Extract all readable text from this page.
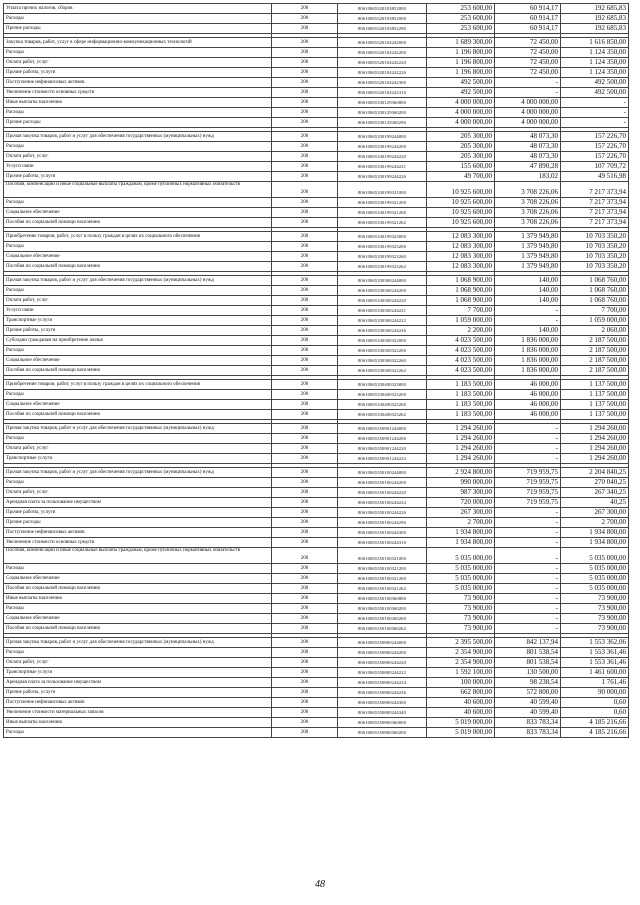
Уплата прочих налогов, сборов	200	80610065320103852000	253 600,00	60 914,17	192 685,83
Расходы	200	80610065320103852000	253 600,00	60 914,17	192 685,83
Прочие расходы	200	80610065320103852290	253 600,00	60 914,17	192 685,83

Закупка товаров, работ, услуг в сфере информационно-коммуникационных технологий	200	80610065320104242000	1 689 300,00	72 450,00	1 616 850,00
Расходы	200	80610065320104242200	1 196 800,00	72 450,00	1 124 350,00
Оплата работ, услуг	200	80610065320104242220	1 196 800,00	72 450,00	1 124 350,00
Прочие работы, услуги	200	80610065320104242226	1 196 800,00	72 450,00	1 124 350,00
Поступление нефинансовых активов	200	80610065320104242300	492 500,00	-	492 500,00
Увеличение стоимости основных средств	200	80610065320104242310	492 500,00	-	492 500,00
Иные выплаты населению	200	80610065330129360000	4 000 000,00	4 000 000,00	-
Расходы	200	80610065330129360200	4 000 000,00	4 000 000,00	-
Прочие расходы	200	80610065330129360290	4 000 000,00	4 000 000,00	-

Прочая закупка товаров, работ и услуг для обеспечения государственных (муниципальных) нужд	200	80610065330199244000	205 300,00	48 073,30	157 226,70
Расходы	200	80610065330199244200	205 300,00	48 073,30	157 226,70
Оплата работ, услуг	200	80610065330199244220	205 300,00	48 073,30	157 226,70
Услуги связи	200	80610065330199244221	155 600,00	47 890,28	107 709,72
Прочие работы, услуги	200	80610065330199244226	49 700,00	183,02	49 516,98
Пособия, компенсации и иные социальные выплаты гражданам, кроме публичных нормативных обязательств	200	80610065330199321000	10 925 600,00	3 708 226,06	7 217 373,94
Расходы	200	80610065330199321200	10 925 600,00	3 708 226,06	7 217 373,94
Социальное обеспечение	200	80610065330199321260	10 925 600,00	3 708 226,06	7 217 373,94
Пособия по социальной помощи населению	200	80610065330199321262	10 925 600,00	3 708 226,06	7 217 373,94

Приобретение товаров, работ, услуг в пользу граждан в целях их социального обеспечения	200	80610065330199323000	12 083 300,00	1 379 949,80	10 703 350,20
Расходы	200	80610065330199323200	12 083 300,00	1 379 949,80	10 703 350,20
Социальное обеспечение	200	80610065330199323260	12 083 300,00	1 379 949,80	10 703 350,20
Пособия по социальной помощи населению	200	80610065330199323262	12 083 300,00	1 379 949,80	10 703 350,20

Прочая закупка товаров, работ и услуг для обеспечения государственных (муниципальных) нужд	200	80610065330300244000	1 068 900,00	140,00	1 068 760,00
Расходы	200	80610065330300244200	1 068 900,00	140,00	1 068 760,00
Оплата работ, услуг	200	80610065330300244220	1 068 900,00	140,00	1 068 760,00
Услуги связи	200	80610065330300244221	7 700,00	-	7 700,00
Транспортные услуги	200	80610065330300244222	1 059 000,00	-	1 059 000,00
Прочие работы, услуги	200	80610065330300244226	2 200,00	140,00	2 060,00
Субсидии гражданам на приобретение жилья	200	80610065330300322000	4 023 500,00	1 836 000,00	2 187 500,00
Расходы	200	80610065330300322200	4 023 500,00	1 836 000,00	2 187 500,00
Социальное обеспечение	200	80610065330300322260	4 023 500,00	1 836 000,00	2 187 500,00
Пособия по социальной помощи населению	200	80610065330300322262	4 023 500,00	1 836 000,00	2 187 500,00

Приобретение товаров, работ, услуг в пользу граждан в целях их социального обеспечения	200	80610065330400323000	1 183 500,00	46 000,00	1 137 500,00
Расходы	200	80610065330400323200	1 183 500,00	46 000,00	1 137 500,00
Социальное обеспечение	200	80610065330400323260	1 183 500,00	46 000,00	1 137 500,00
Пособия по социальной помощи населению	200	80610065330400323262	1 183 500,00	46 000,00	1 137 500,00

Прочая закупка товаров, работ и услуг для обеспечения государственных (муниципальных) нужд	200	80610065350901244000	1 294 260,00	-	1 294 260,00
Расходы	200	80610065350901244200	1 294 260,00	-	1 294 260,00
Оплата работ, услуг	200	80610065350901244220	1 294 260,00	-	1 294 260,00
Транспортные услуги	200	80610065350901244222	1 294 260,00	-	1 294 260,00

Прочая закупка товаров, работ и услуг для обеспечения государственных (муниципальных) нужд	200	80610065350100244000	2 924 800,00	719 959,75	2 204 840,25
Расходы	200	80610065350100244200	990 000,00	719 959,75	270 040,25
Оплата работ, услуг	200	80610065350100244220	987 300,00	719 959,75	267 340,25
Арендная плата за пользование имуществом	200	80610065350100244224	720 000,00	719 959,75	40,25
Прочие работы, услуги	200	80610065350100244226	267 300,00	-	267 300,00
Прочие расходы	200	80610065350100244290	2 700,00	-	2 700,00
Поступление нефинансовых активов	200	80610065350100244300	1 934 800,00	-	1 934 800,00
Увеличение стоимости основных средств	200	80610065350100244310	1 934 800,00	-	1 934 800,00
Пособия, компенсации и иные социальные выплаты гражданам, кроме публичных нормативных обязательств	200	80610065350100321000	5 035 000,00	-	5 035 000,00
Расходы	200	80610065350100321200	5 035 000,00	-	5 035 000,00
Социальное обеспечение	200	80610065350100321260	5 035 000,00	-	5 035 000,00
Пособия по социальной помощи населению	200	80610065350100321262	5 035 000,00	-	5 035 000,00
Иные выплаты населению	200	80610065350100360000	73 900,00	-	73 900,00
Расходы	200	80610065350100360200	73 900,00	-	73 900,00
Социальное обеспечение	200	80610065350100360260	73 900,00	-	73 900,00
Пособия по социальной помощи населению	200	80610065350100360262	73 900,00	-	73 900,00

Прочая закупка товаров, работ и услуг для обеспечения государственных (муниципальных) нужд	200	80610065350800244000	2 395 500,00	842 137,94	1 553 362,06
Расходы	200	80610065350800244200	2 354 900,00	801 538,54	1 553 361,46
Оплата работ, услуг	200	80610065350800244220	2 354 900,00	801 538,54	1 553 361,46
Транспортные услуги	200	80610065350800244222	1 592 100,00	130 500,00	1 461 600,00
Арендная плата за пользование имуществом	200	80610065350800244224	100 000,00	98 238,54	1 761,46
Прочие работы, услуги	200	80610065350800244226	662 800,00	572 800,00	90 000,00
Поступление нефинансовых активов	200	80610065350800244300	40 600,00	40 599,40	0,60
Увеличение стоимости материальных запасов	200	80610065350800244340	40 600,00	40 599,40	0,60
Иные выплаты населению	200	80610065350800360000	5 019 000,00	833 783,34	4 185 216,66
Расходы	200	80610065350800360200	5 019 000,00	833 783,34	4 185 216,66
48
